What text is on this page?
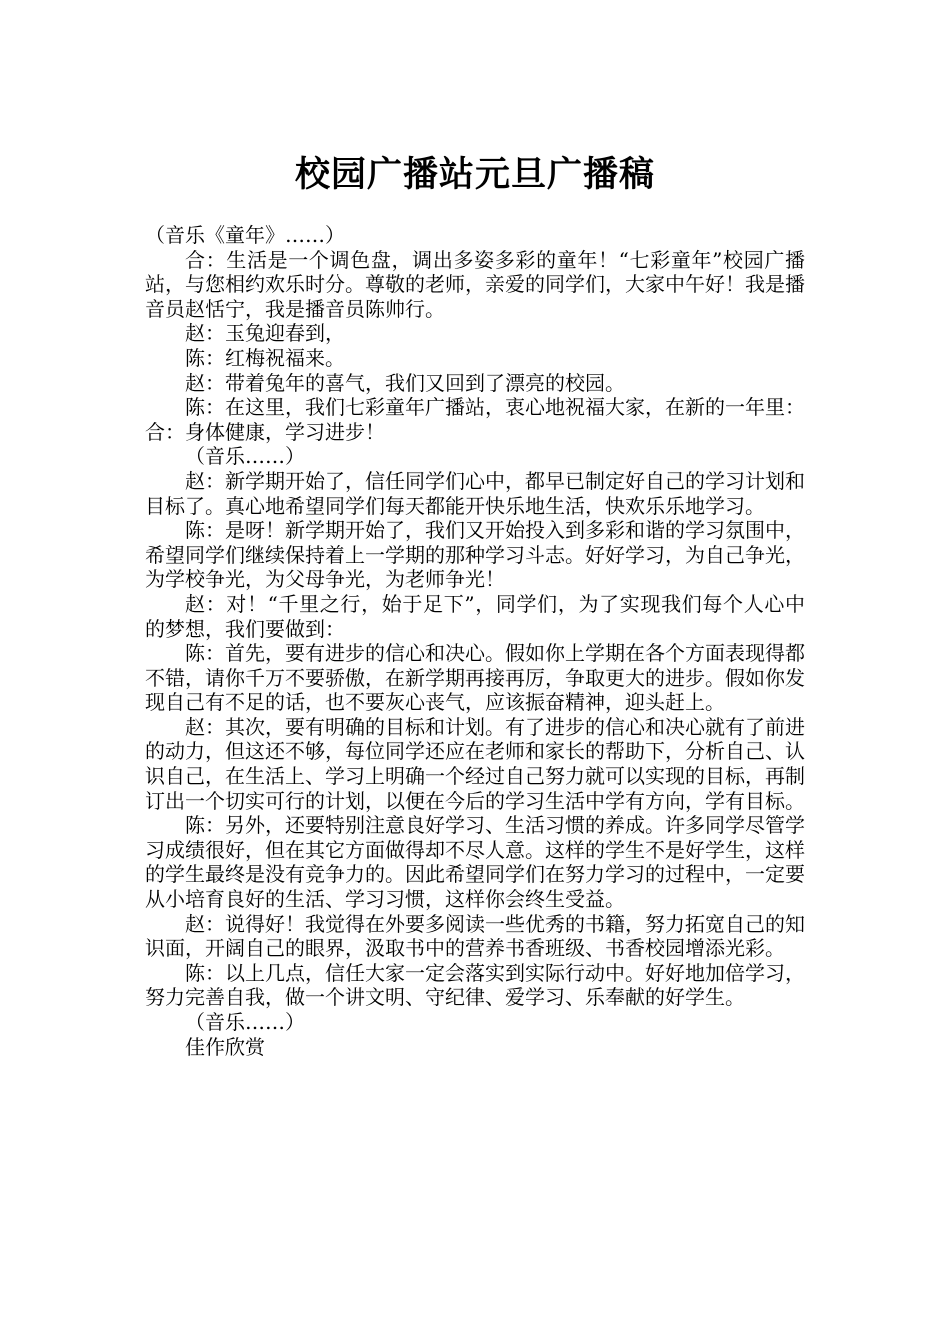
校园广播站元旦广播稿

（音乐《童年》……）

合：生活是一个调色盘，调出多姿多彩的童年！“七彩童年”校园广播站，与您相约欢乐时分。尊敬的老师，亲爱的同学们，大家中午好！我是播音员赵恬宁，我是播音员陈帅行。

赵：玉兔迎春到，

陈：红梅祝福来。

赵：带着兔年的喜气，我们又回到了漂亮的校园。

陈：在这里，我们七彩童年广播站，衷心地祝福大家，在新的一年里：合：身体健康，学习进步！

（音乐……）

赵：新学期开始了，信任同学们心中，都早已制定好自己的学习计划和目标了。真心地希望同学们每天都能开快乐地生活，快欢乐乐地学习。

陈：是呀！新学期开始了，我们又开始投入到多彩和谐的学习氛围中，希望同学们继续保持着上一学期的那种学习斗志。好好学习，为自己争光，为学校争光，为父母争光，为老师争光！

赵：对！“千里之行，始于足下”，同学们，为了实现我们每个人心中的梦想，我们要做到：

陈：首先，要有进步的信心和决心。假如你上学期在各个方面表现得都不错，请你千万不要骄傲，在新学期再接再厉，争取更大的进步。假如你发现自己有不足的话，也不要灰心丧气，应该振奋精神，迎头赶上。

赵：其次，要有明确的目标和计划。有了进步的信心和决心就有了前进的动力，但这还不够，每位同学还应在老师和家长的帮助下，分析自己、认识自己，在生活上、学习上明确一个经过自己努力就可以实现的目标，再制订出一个切实可行的计划，以便在今后的学习生活中学有方向，学有目标。

陈：另外，还要特别注意良好学习、生活习惯的养成。许多同学尽管学习成绩很好，但在其它方面做得却不尽人意。这样的学生不是好学生，这样的学生最终是没有竞争力的。因此希望同学们在努力学习的过程中，一定要从小培育良好的生活、学习习惯，这样你会终生受益。

赵：说得好！我觉得在外要多阅读一些优秀的书籍，努力拓宽自己的知识面，开阔自己的眼界，汲取书中的营养书香班级、书香校园增添光彩。

陈：以上几点，信任大家一定会落实到实际行动中。好好地加倍学习，努力完善自我，做一个讲文明、守纪律、爱学习、乐奉献的好学生。

（音乐……）

佳作欣赏
